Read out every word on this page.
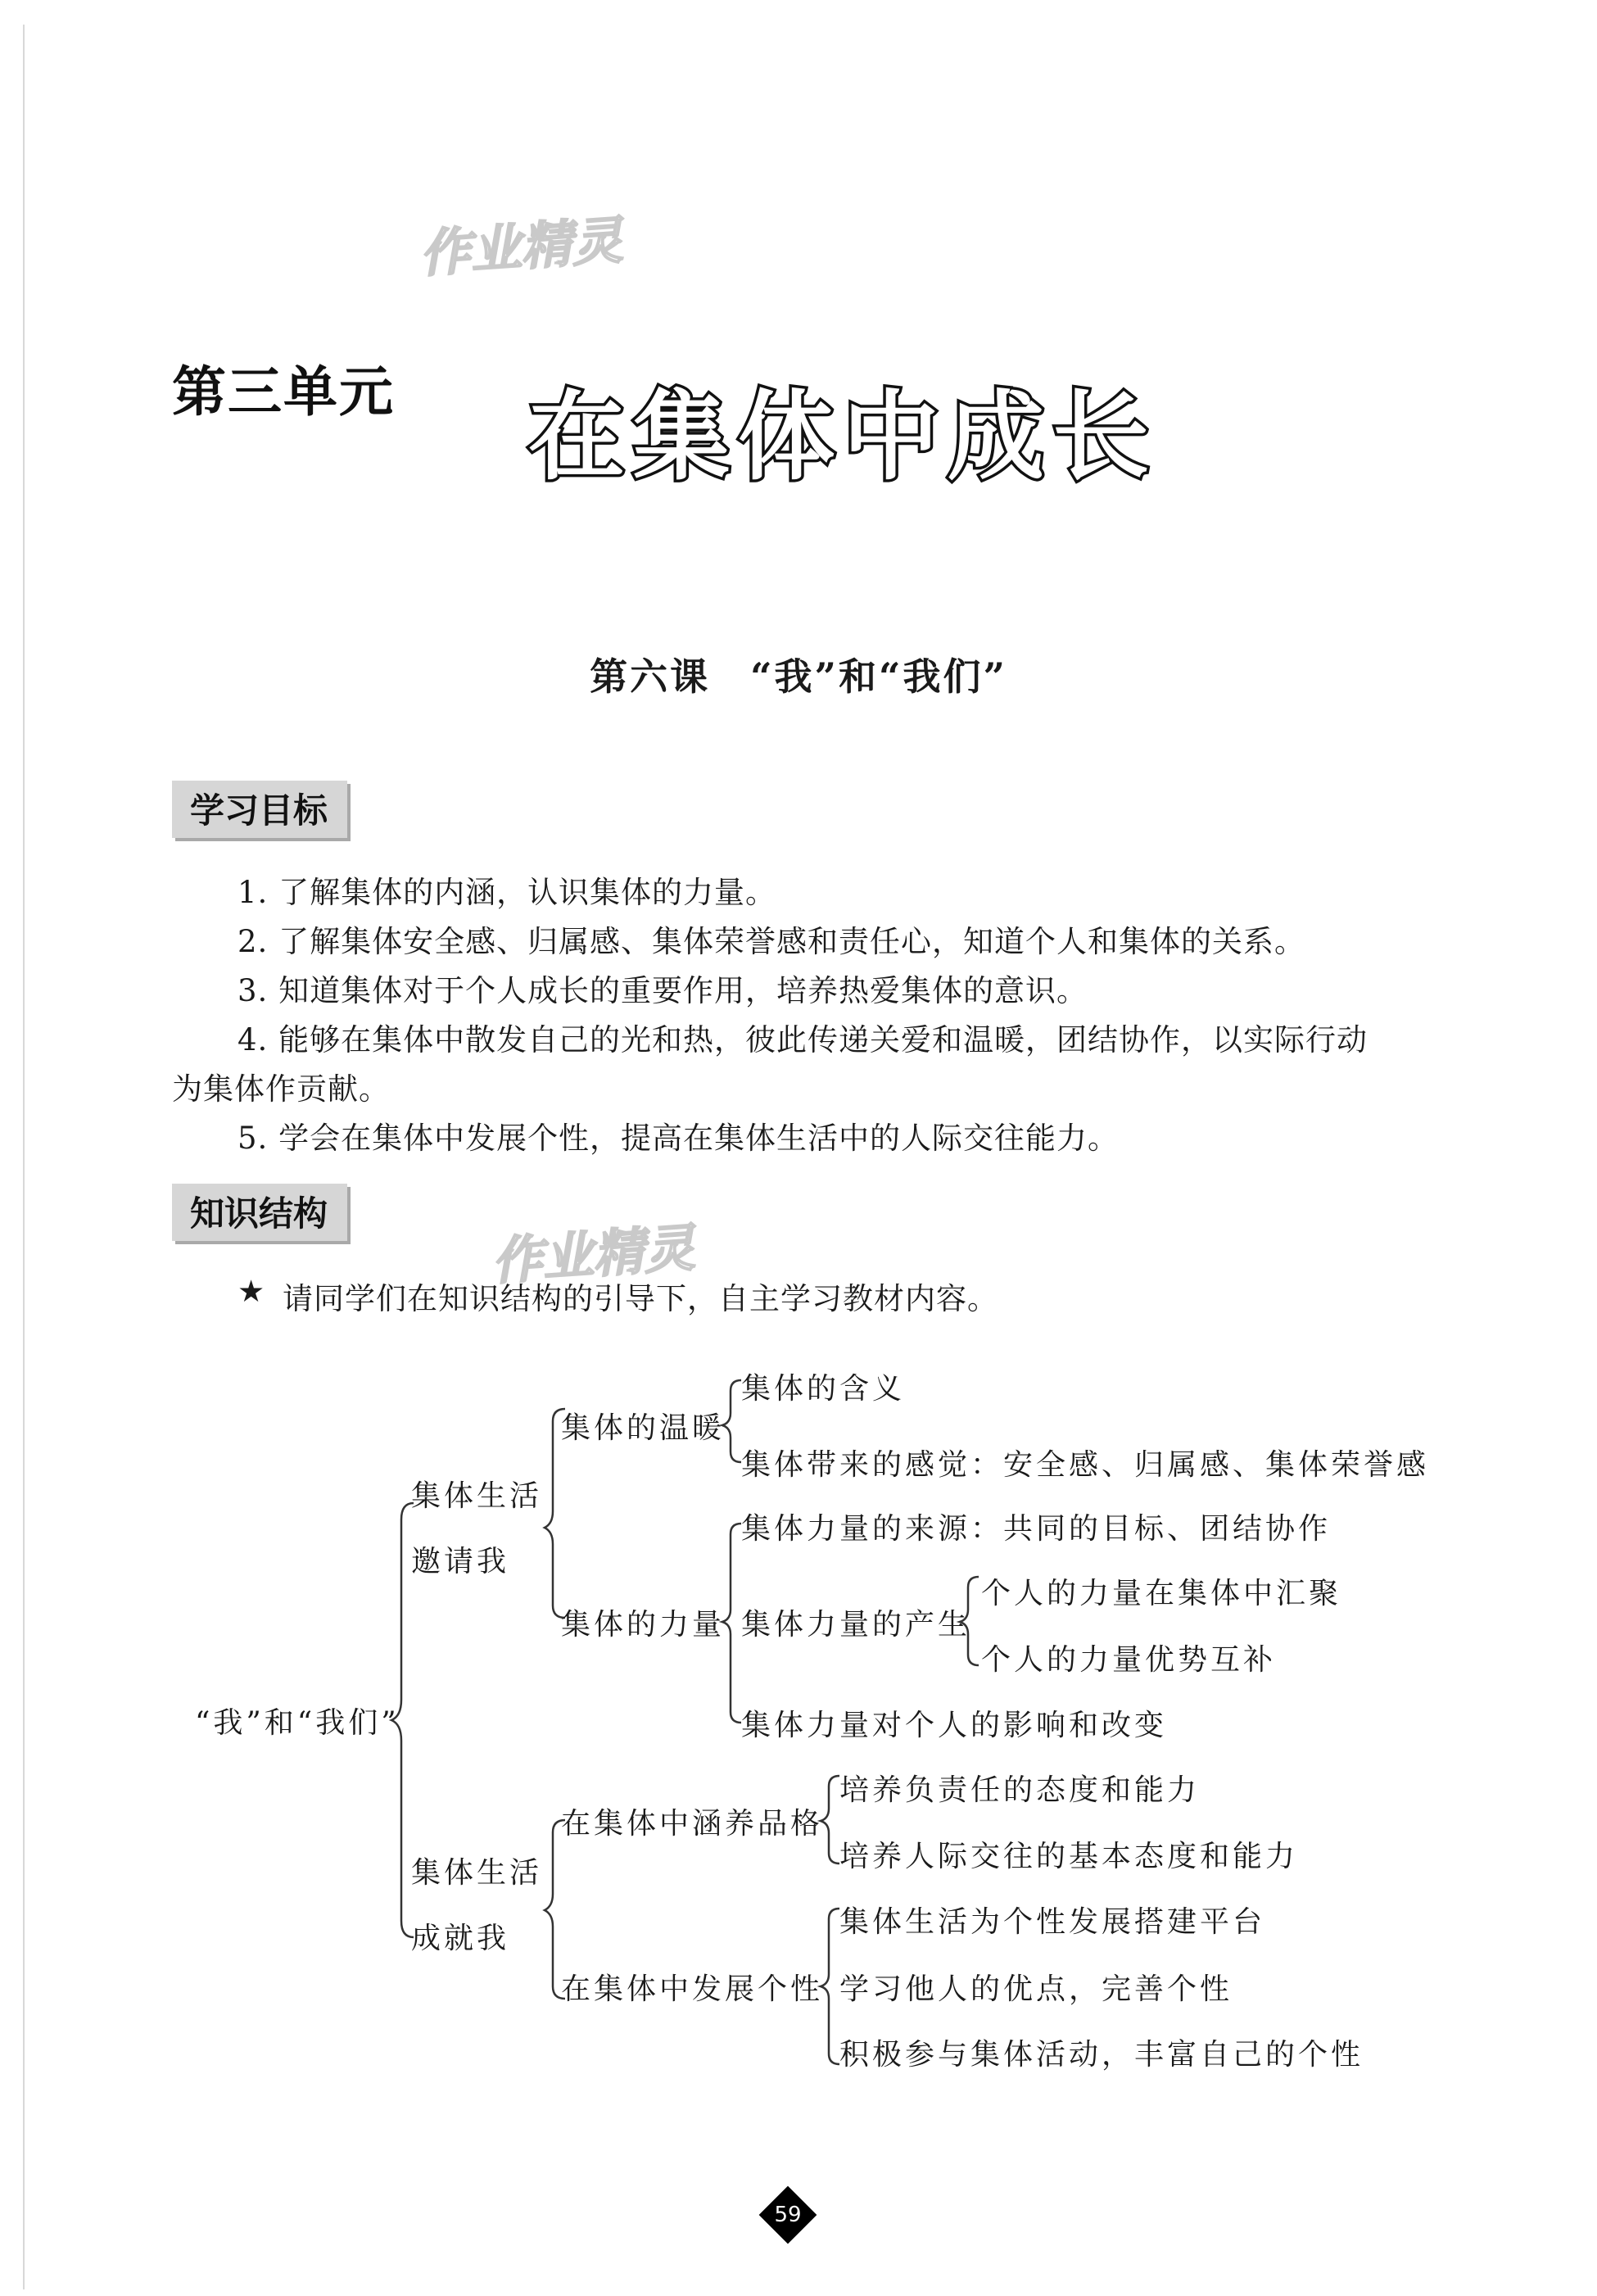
作业精灵
作业精灵
第三单元 在集体中成长
第六课　“我”和“我们”
学习目标
1. 了解集体的内涵，认识集体的力量。
2. 了解集体安全感、归属感、集体荣誉感和责任心，知道个人和集体的关系。
3. 知道集体对于个人成长的重要作用，培养热爱集体的意识。
4. 能够在集体中散发自己的光和热，彼此传递关爱和温暖，团结协作，以实际行动
为集体作贡献。
5. 学会在集体中发展个性，提高在集体生活中的人际交往能力。
知识结构
★ 请同学们在知识结构的引导下，自主学习教材内容。
“我”和“我们”
集体生活
邀请我
集体生活
成就我
集体的温暖
集体的含义
集体带来的感觉：安全感、归属感、集体荣誉感
集体的力量
集体力量的来源：共同的目标、团结协作
集体力量的产生
个人的力量在集体中汇聚
个人的力量优势互补
集体力量对个人的影响和改变
在集体中涵养品格
培养负责任的态度和能力
培养人际交往的基本态度和能力
在集体中发展个性
集体生活为个性发展搭建平台
学习他人的优点，完善个性
积极参与集体活动，丰富自己的个性
59
